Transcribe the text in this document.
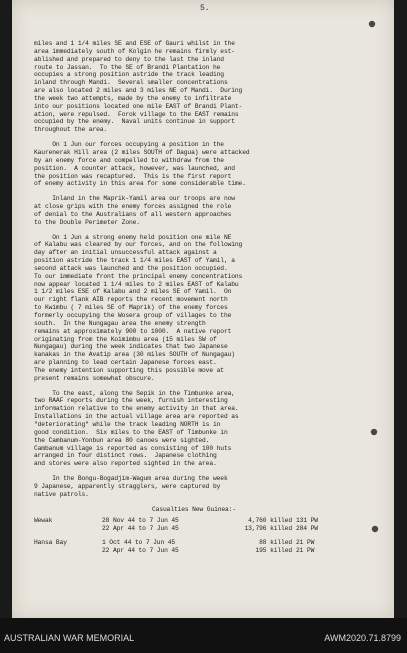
5.

miles and 1 1/4 miles SE and ESE of Gauri whilst in the

area immediately south of Kolgin he remains firmly est-

ablished and prepared to deny to the last the inland

route to Jassan.  To the SE of Brandi Plantation he

occupies a strong position astride the track leading

inland through Mandi.  Several smaller concentrations

are also located 2 miles and 3 miles NE of Mandi.  During

the week two attempts, made by the enemy to infiltrate

into our positions located one mile EAST of Brandi Plant-

ation, were repulsed.  Forok village to the EAST remains

occupied by the enemy.  Naval units continue in support

throughout the area.

On 1 Jun our forces occupying a position in the

Kaurenerak Hill area (2 miles SOUTH of Dagua) were attacked

by an enemy force and compelled to withdraw from the

position.  A counter attack, however, was launched, and

the position was recaptured.  This is the first report

of enemy activity in this area for some considerable time.

Inland in the Maprik-Yamil area our troops are now

at close grips with the enemy forces assigned the role

of denial to the Australians of all western approaches

to the Double Perimeter Zone.

On 1 Jun a strong enemy held position one mile NE

of Kalabu was cleared by our forces, and on the following

day after an initial unsuccessful attack against a

position astride the track 1 1/4 miles EAST of Yamil, a

second attack was launched and the position occupied.

To our immediate front the principal enemy concentrations

now appear located 1 1/4 miles to 2 miles EAST of Kalabu

1 1/2 miles ESE of Kalabu and 2 miles SE of Yamil.  On

our right flank AIB reports the recent movement north

to Kwimbu ( 7 miles SE of Maprik) of the enemy forces

formerly occupying the Wosera group of villages to the

south.  In the Nungagau area the enemy strength

remains at approximately 900 to 1000.  A native report

originating from the Koimimbu area (15 miles SW of

Nungagau) during the week indicates that two Japanese

kanakas in the Avatip area (30 miles SOUTH of Nungagau)

are planning to lead certain Japanese forces east.

The enemy intention supporting this possible move at

present remains somewhat obscure.

To the east, along the Sepik in the Timbunke area,

two RAAF reports during the week, furnish interesting

information relative to the enemy activity in that area.

Installations in the actual village area are reported as

"deteriorating" while the track leading NORTH is in

good condition.  Six miles to the EAST of Timbunke in

the Cambanum-Yonbun area 80 canoes were sighted.

Cambanum village is reported as consisting of 100 huts

arranged in four distinct rows.  Japanese clothing

and stores were also reported sighted in the area.

In the Bongu-Bogadjim-Wagum area during the week

9 Japanese, apparently stragglers, were captured by

native patrols.

Casualties New Guinea:-

Wewak	28 Nov 44 to 7 Jun 45	4,760 killed	131 PW
	22 Apr 44 to 7 Jun 45	13,796 killed	284 PW

Hansa Bay	1 Oct 44 to 7 Jun 45	88 killed	21 PW
	22 Apr 44 to 7 Jun 45	195 killed	21 PW
AUSTRALIAN WAR MEMORIAL	AWM2020.71.8799
